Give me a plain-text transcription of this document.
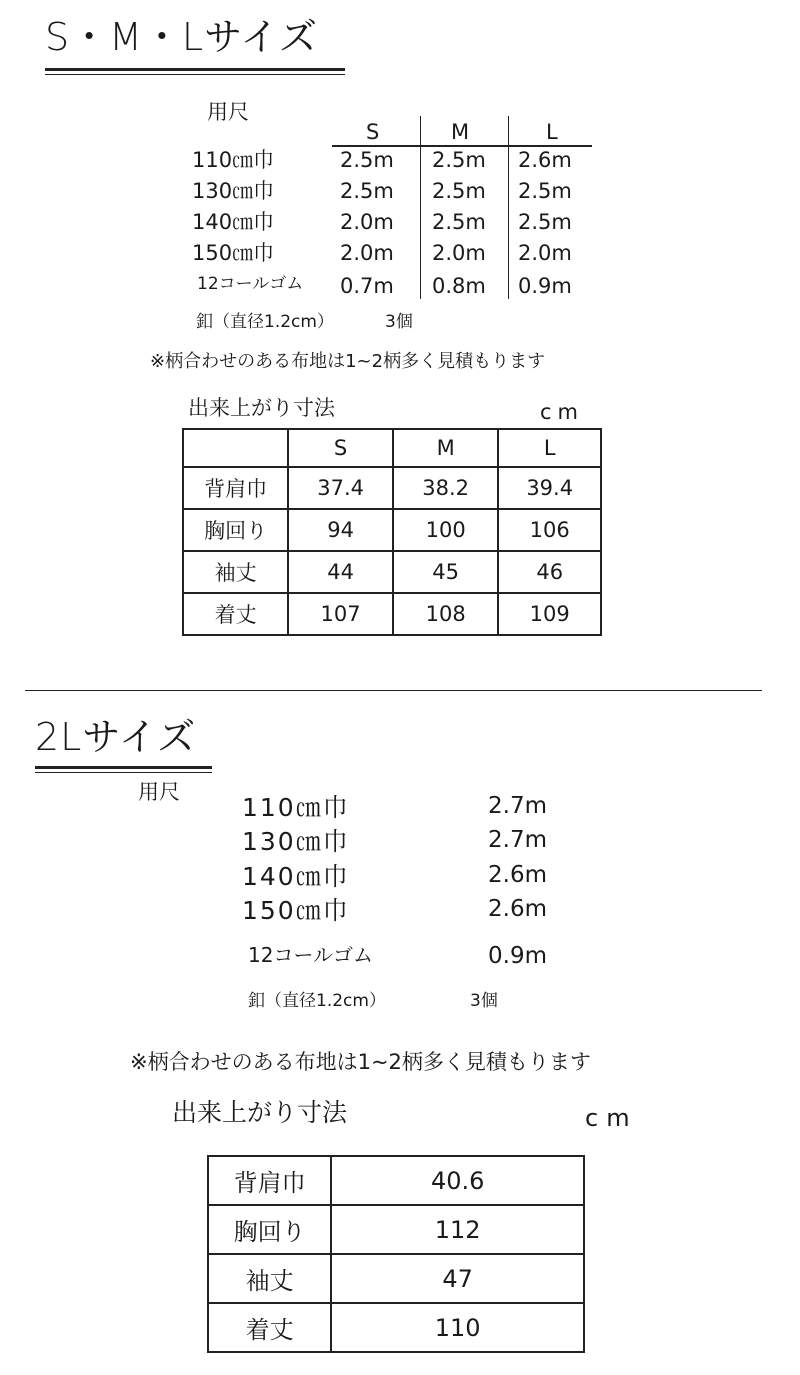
S・M・Lサイズ
用尺
S	M	L
110㎝巾	2.5m 2.5m 2.6m
130㎝巾	2.5m 2.5m 2.5m
140㎝巾	2.0m 2.5m 2.5m
150㎝巾	2.0m 2.0m 2.0m
12コールゴム 0.7m 0.8m 0.9m
釦（直径1.2cm）	3個
※柄合わせのある布地は1~2柄多く見積もります
出来上がり寸法	cm
	S	M	L
背肩巾	37.4	38.2	39.4
胸回り	94	100	106
袖丈	44	45	46
着丈	107	108	109
2Lサイズ
用尺
110㎝巾	2.7m
130㎝巾	2.7m
140㎝巾	2.6m
150㎝巾	2.6m
12コールゴム	0.9m
釦（直径1.2cm）	3個
※柄合わせのある布地は1~2柄多く見積もります
出来上がり寸法	cm
背肩巾	40.6
胸回り	112
袖丈	47
着丈	110
